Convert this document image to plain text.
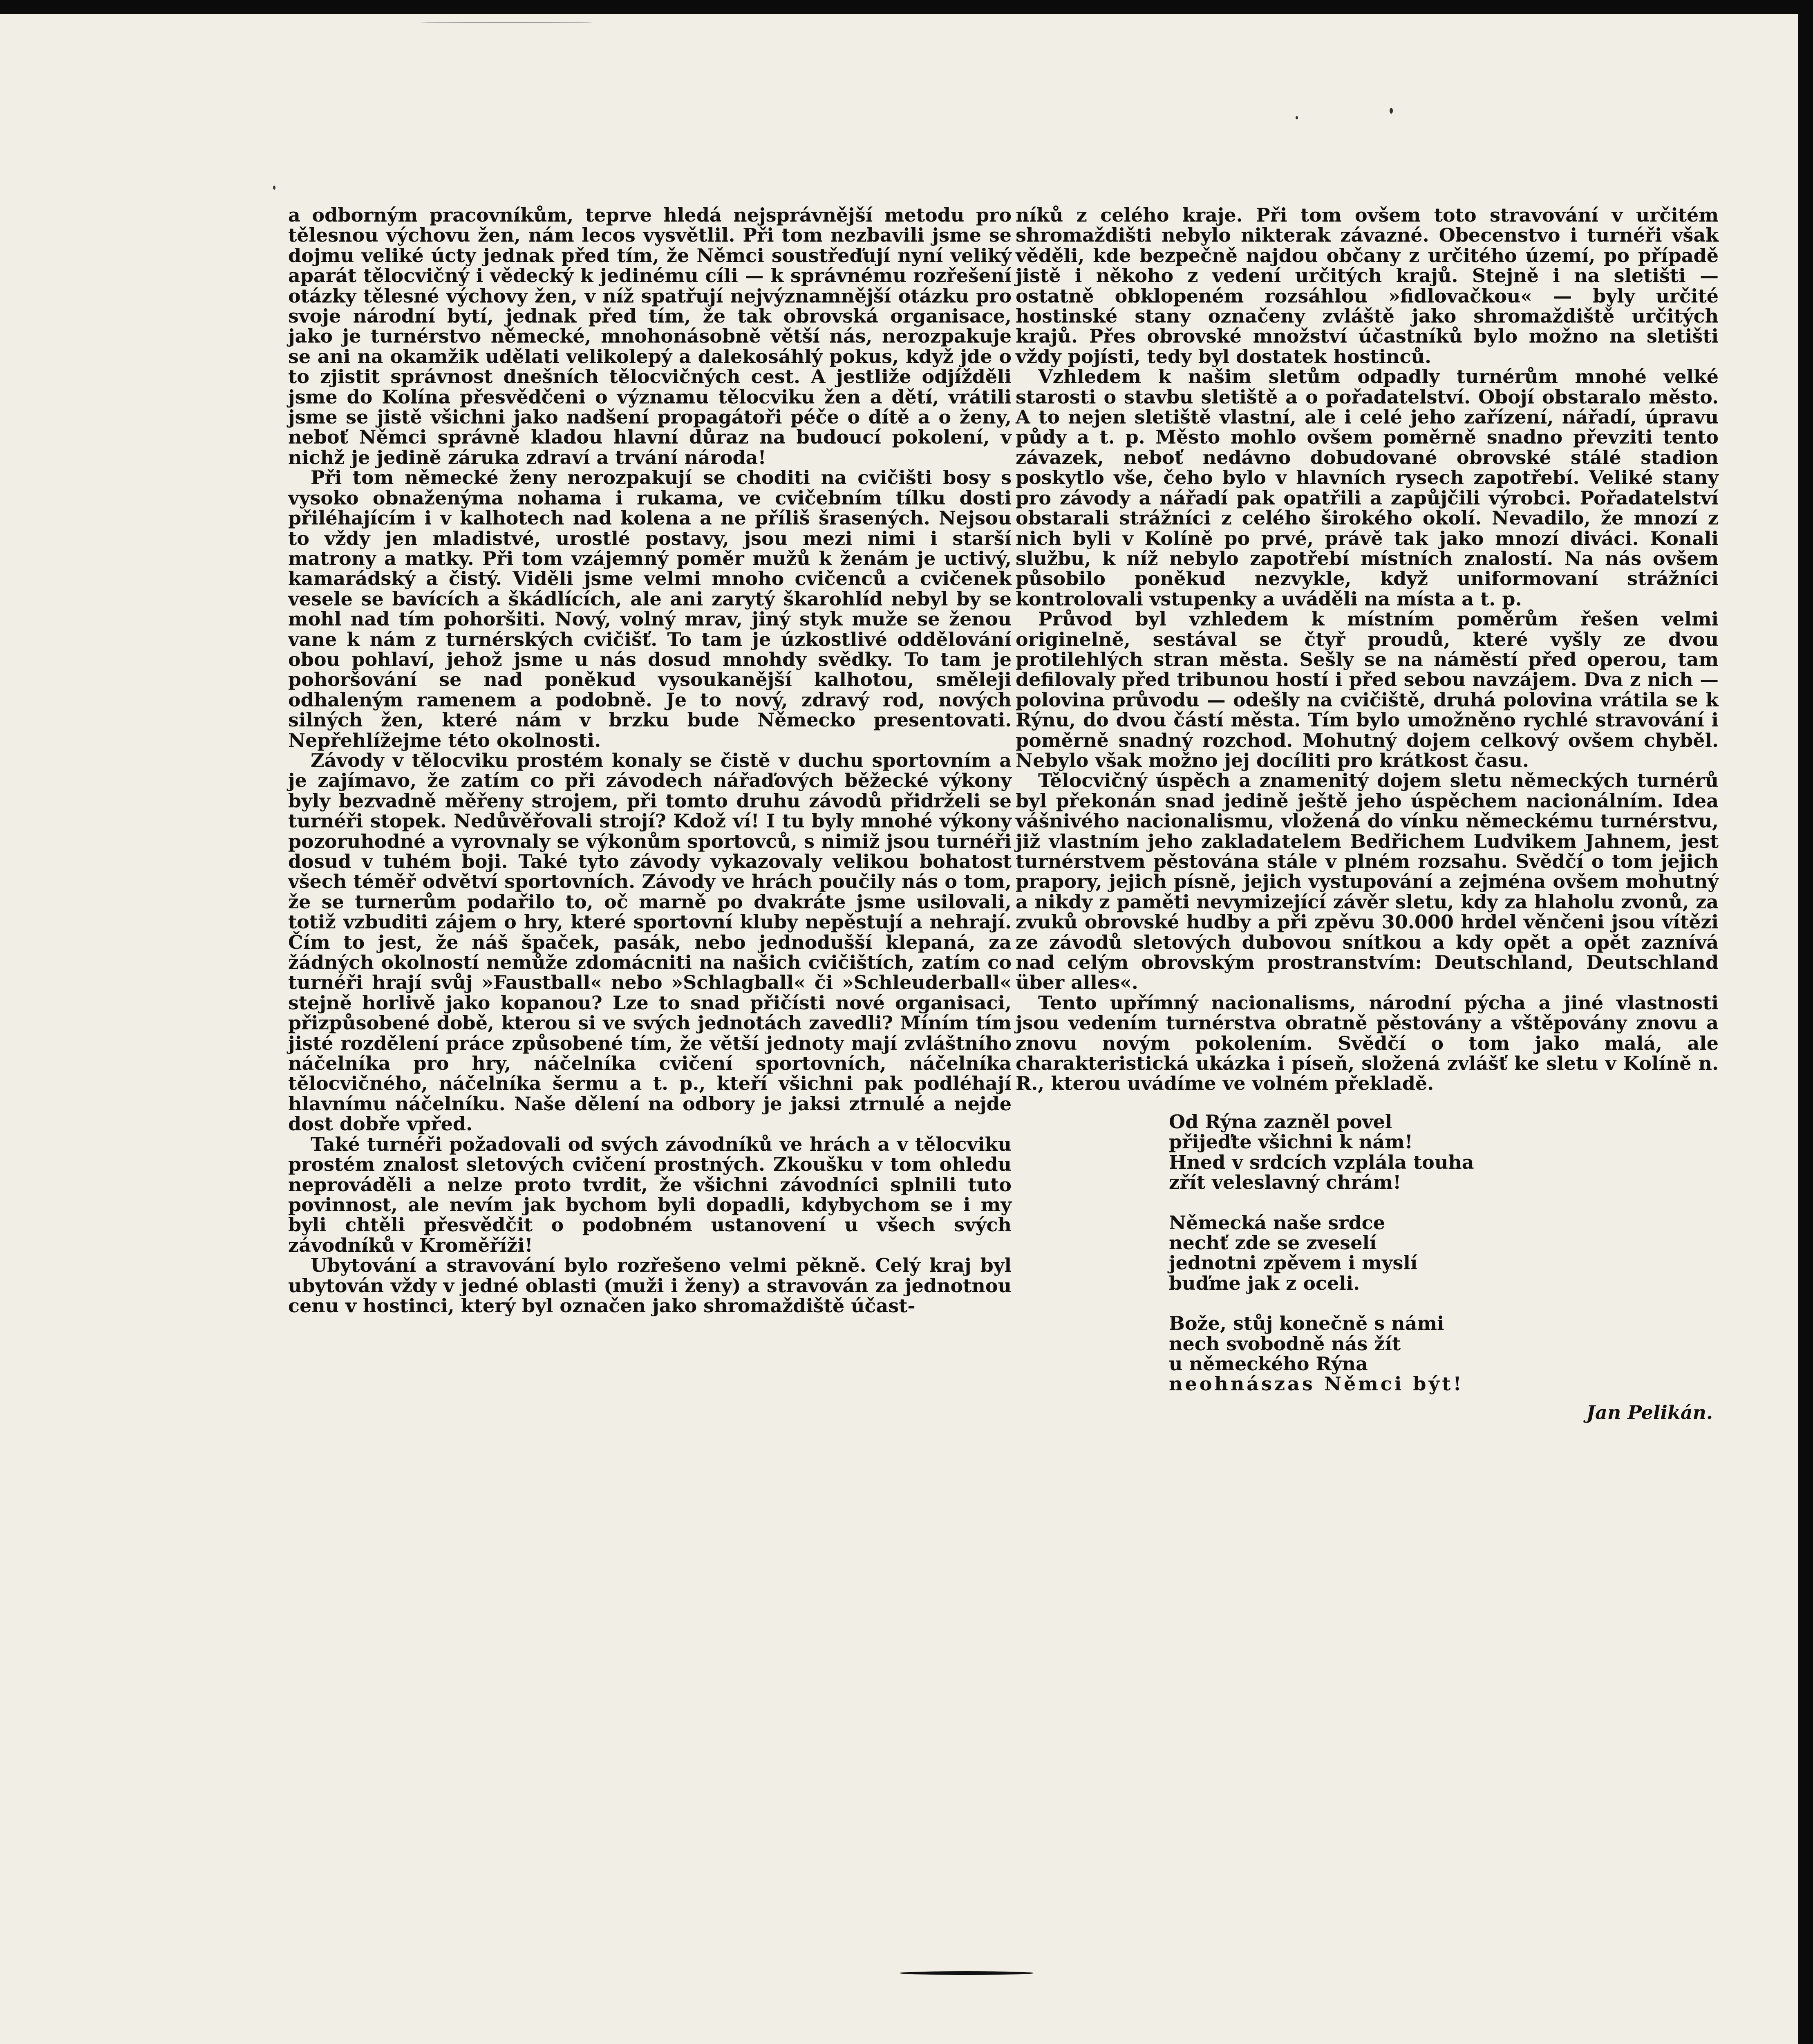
a odborným pracovníkům, teprve hledá nejsprávnější metodu pro tělesnou výchovu žen, nám lecos vysvětlil. Při tom nezbavili jsme se dojmu veliké úcty jednak před tím, že Němci soustřeďují nyní veliký aparát tělocvičný i vědecký k jedinému cíli — k správnému rozřešení otázky tělesné výchovy žen, v níž spatřují nejvýznamnější otázku pro svoje národní bytí, jednak před tím, že tak obrovská organisace, jako je turnérstvo německé, mnohonásobně větší nás, nerozpakuje se ani na okamžik udělati velikolepý a dalekosáhlý pokus, když jde o to zjistit správnost dnešních tělocvičných cest. A jestliže odjížděli jsme do Kolína přesvědčeni o významu tělocviku žen a dětí, vrátili jsme se jistě všichni jako nadšení propagátoři péče o dítě a o ženy, neboť Němci správně kladou hlavní důraz na budoucí pokolení, v nichž je jedině záruka zdraví a trvání národa!

Při tom německé ženy nerozpakují se choditi na cvičišti bosy s vysoko obnaženýma nohama i rukama, ve cvičebním tílku dosti přiléhajícím i v kalhotech nad kolena a ne příliš šrasených. Nejsou to vždy jen mladistvé, urostlé postavy, jsou mezi nimi i starší matrony a matky. Při tom vzájemný poměr mužů k ženám je uctivý, kamarádský a čistý. Viděli jsme velmi mnoho cvičenců a cvičenek vesele se bavících a škádlících, ale ani zarytý škarohlíd nebyl by se mohl nad tím pohoršiti. Nový, volný mrav, jiný styk muže se ženou vane k nám z turnérských cvičišť. To tam je úzkostlivé oddělování obou pohlaví, jehož jsme u nás dosud mnohdy svědky. To tam je pohoršování se nad poněkud vysoukanější kalhotou, směleji odhaleným ramenem a podobně. Je to nový, zdravý rod, nových silných žen, které nám v brzku bude Německo presentovati. Nepřehlížejme této okolnosti.

Závody v tělocviku prostém konaly se čistě v duchu sportovním a je zajímavo, že zatím co při závodech nářaďových běžecké výkony byly bezvadně měřeny strojem, při tomto druhu závodů přidrželi se turnéři stopek. Nedůvěřovali strojí? Kdož ví! I tu byly mnohé výkony pozoruhodné a vyrovnaly se výkonům sportovců, s nimiž jsou turnéři dosud v tuhém boji. Také tyto závody vykazovaly velikou bohatost všech téměř odvětví sportovních. Závody ve hrách poučily nás o tom, že se turnerům podařilo to, oč marně po dvakráte jsme usilovali, totiž vzbuditi zájem o hry, které sportovní kluby nepěstují a nehrají. Čím to jest, že náš špaček, pasák, nebo jednodušší klepaná, za žádných okolností nemůže zdomácniti na našich cvičištích, zatím co turnéři hrají svůj »Faustball« nebo »Schlagball« či »Schleuderball« stejně horlivě jako kopanou? Lze to snad přičísti nové organisaci, přizpůsobené době, kterou si ve svých jednotách zavedli? Míním tím jisté rozdělení práce způsobené tím, že větší jednoty mají zvláštního náčelníka pro hry, náčelníka cvičení sportovních, náčelníka tělocvičného, náčelníka šermu a t. p., kteří všichni pak podléhají hlavnímu náčelníku. Naše dělení na odbory je jaksi ztrnulé a nejde dost dobře vpřed.

Také turnéři požadovali od svých závodníků ve hrách a v tělocviku prostém znalost sletových cvičení prostných. Zkoušku v tom ohledu neprováděli a nelze proto tvrdit, že všichni závodníci splnili tuto povinnost, ale nevím jak bychom byli dopadli, kdybychom se i my byli chtěli přesvědčit o podobném ustanovení u všech svých závodníků v Kroměříži!

Ubytování a stravování bylo rozřešeno velmi pěkně. Celý kraj byl ubytován vždy v jedné oblasti (muži i ženy) a stravován za jednotnou cenu v hostinci, který byl označen jako shromaždiště účast-

níků z celého kraje. Při tom ovšem toto stravování v určitém shromaždišti nebylo nikterak závazné. Obecenstvo i turnéři však věděli, kde bezpečně najdou občany z určitého území, po případě jistě i někoho z vedení určitých krajů. Stejně i na sletišti — ostatně obklopeném rozsáhlou »fidlovačkou« — byly určité hostinské stany označeny zvláště jako shromaždiště určitých krajů. Přes obrovské množství účastníků bylo možno na sletišti vždy pojísti, tedy byl dostatek hostinců.

Vzhledem k našim sletům odpadly turnérům mnohé velké starosti o stavbu sletiště a o pořadatelství. Obojí obstaralo město. A to nejen sletiště vlastní, ale i celé jeho zařízení, nářadí, úpravu půdy a t. p. Město mohlo ovšem poměrně snadno převziti tento závazek, neboť nedávno dobudované obrovské stálé stadion poskytlo vše, čeho bylo v hlavních rysech zapotřebí. Veliké stany pro závody a nářadí pak opatřili a zapůjčili výrobci. Pořadatelství obstarali strážníci z celého širokého okolí. Nevadilo, že mnozí z nich byli v Kolíně po prvé, právě tak jako mnozí diváci. Konali službu, k níž nebylo zapotřebí místních znalostí. Na nás ovšem působilo poněkud nezvykle, když uniformovaní strážníci kontrolovali vstupenky a uváděli na místa a t. p.

Průvod byl vzhledem k místním poměrům řešen velmi originelně, sestával se čtyř proudů, které vyšly ze dvou protilehlých stran města. Sešly se na náměstí před operou, tam defilovaly před tribunou hostí i před sebou navzájem. Dva z nich — polovina průvodu — odešly na cvičiště, druhá polovina vrátila se k Rýnu, do dvou částí města. Tím bylo umožněno rychlé stravování i poměrně snadný rozchod. Mohutný dojem celkový ovšem chyběl. Nebylo však možno jej docíliti pro krátkost času.

Tělocvičný úspěch a znamenitý dojem sletu německých turnérů byl překonán snad jedině ještě jeho úspěchem nacionálním. Idea vášnivého nacionalismu, vložená do vínku německému turnérstvu, již vlastním jeho zakladatelem Bedřichem Ludvikem Jahnem, jest turnérstvem pěstována stále v plném rozsahu. Svědčí o tom jejich prapory, jejich písně, jejich vystupování a zejména ovšem mohutný a nikdy z paměti nevymizející závěr sletu, kdy za hlaholu zvonů, za zvuků obrovské hudby a při zpěvu 30.000 hrdel věnčeni jsou vítězi ze závodů sletových dubovou snítkou a kdy opět a opět zaznívá nad celým obrovským prostranstvím: Deutschland, Deutschland über alles«.

Tento upřímný nacionalisms, národní pýcha a jiné vlastnosti jsou vedením turnérstva obratně pěstovány a vštěpovány znovu a znovu novým pokolením. Svědčí o tom jako malá, ale charakteristická ukázka i píseň, složená zvlášť ke sletu v Kolíně n. R., kterou uvádíme ve volném překladě.

Od Rýna zazněl povel
přijeďte všichni k nám!
Hned v srdcích vzplála touha
zřít veleslavný chrám!
Německá naše srdce
nechť zde se zveselí
jednotni zpěvem i myslí
buďme jak z oceli.
Bože, stůj konečně s námi
nech svobodně nás žít
u německého Rýna
neohnászas Němci být!
Jan Pelikán.
